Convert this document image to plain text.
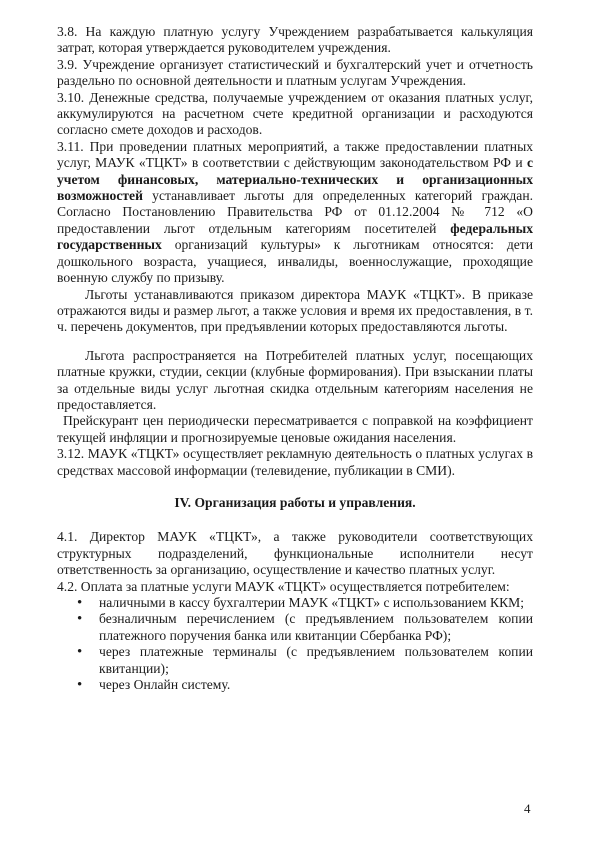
3.8. На каждую платную услугу Учреждением разрабатывается калькуляция затрат, которая утверждается руководителем учреждения.

3.9. Учреждение организует статистический и бухгалтерский учет и отчетность раздельно по основной деятельности и платным услугам Учреждения.

3.10. Денежные средства, получаемые учреждением от оказания платных услуг, аккумулируются на расчетном счете кредитной организации и расходуются согласно смете доходов и расходов.

3.11. При проведении платных мероприятий, а также предоставлении платных услуг, МАУК «ТЦКТ» в соответствии с действующим законодательством РФ и с учетом финансовых, материально-технических и организационных возможностей устанавливает льготы для определенных категорий граждан. Согласно Постановлению Правительства РФ от 01.12.2004 № 712 «О предоставлении льгот отдельным категориям посетителей федеральных государственных организаций культуры» к льготникам относятся: дети дошкольного возраста, учащиеся, инвалиды, военнослужащие, проходящие военную службу по призыву.

Льготы устанавливаются приказом директора МАУК «ТЦКТ». В приказе отражаются виды и размер льгот, а также условия и время их предоставления, в т. ч. перечень документов, при предъявлении которых предоставляются льготы.

Льгота распространяется на Потребителей платных услуг, посещающих платные кружки, студии, секции (клубные формирования). При взыскании платы за отдельные виды услуг льготная скидка отдельным категориям населения не предоставляется.

Прейскурант цен периодически пересматривается с поправкой на коэффициент текущей инфляции и прогнозируемые ценовые ожидания населения.

3.12. МАУК «ТЦКТ» осуществляет рекламную деятельность о платных услугах в средствах массовой информации (телевидение, публикации в СМИ).

IV. Организация работы и управления.

4.1. Директор МАУК «ТЦКТ», а также руководители соответствующих структурных подразделений, функциональные исполнители несут ответственность за организацию, осуществление и качество платных услуг.

4.2. Оплата за платные услуги МАУК «ТЦКТ» осуществляется потребителем:

• наличными в кассу бухгалтерии МАУК «ТЦКТ» с использованием ККМ;
• безналичным перечислением (с предъявлением пользователем копии платежного поручения банка или квитанции Сбербанка РФ);
• через платежные терминалы (с предъявлением пользователем копии квитанции);
• через Онлайн систему.
4
